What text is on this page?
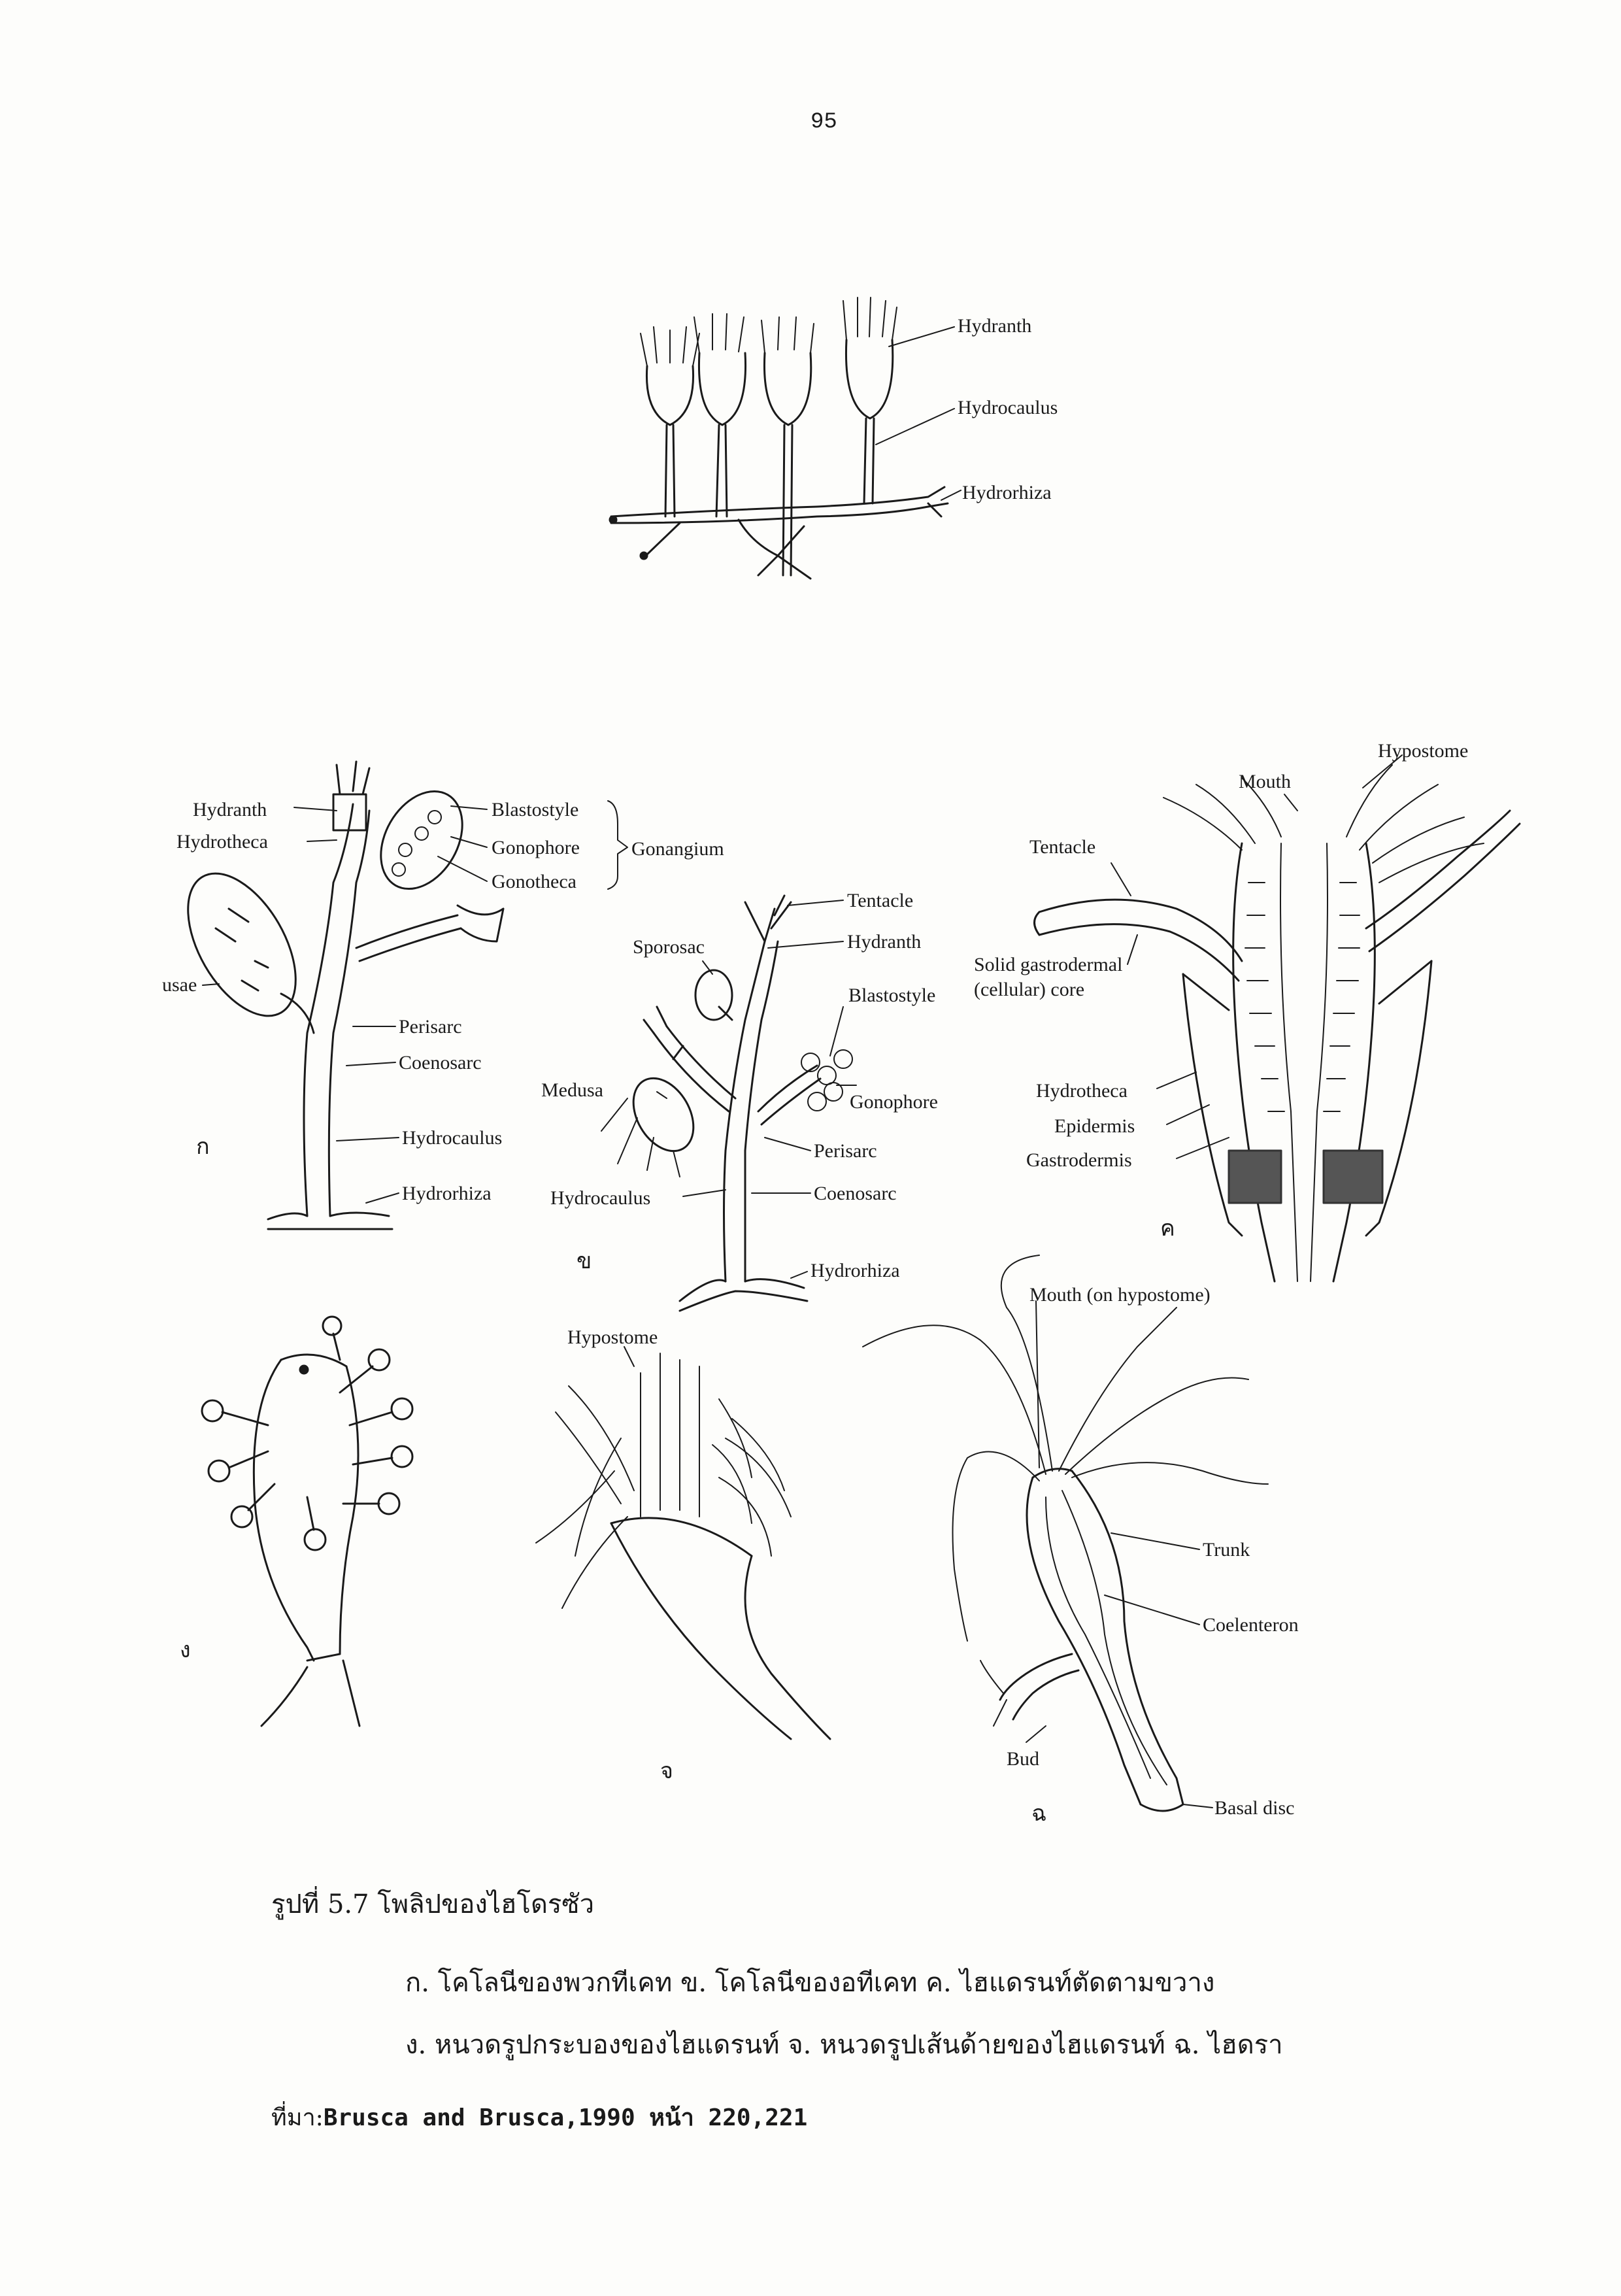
95
Hydranth
Hydrocaulus
Hydrorhiza
Hydranth
Hydrotheca
Blastostyle
Gonophore
Gonotheca
Gonangium
usae
Perisarc
Coenosarc
Hydrocaulus
Hydrorhiza
ก
Tentacle
Hydranth
Sporosac
Blastostyle
Medusa
Gonophore
Perisarc
Hydrocaulus	Coenosarc
Hydrorhiza
ข
Hypostome
Mouth
Tentacle
Solid gastrodermal
(cellular) core
Hydrotheca
Epidermis
Gastrodermis
ค
ง
Hypostome
จ
Mouth (on hypostome)
Trunk
Coelenteron
Bud
Basal disc
ฉ
รูปที่ 5.7 โพลิปของไฮโดรซัว
ก. โคโลนีของพวกทีเคท ข. โคโลนีของอทีเคท ค. ไฮแดรนท์ตัดตามขวาง
ง. หนวดรูปกระบองของไฮแดรนท์ จ. หนวดรูปเส้นด้ายของไฮแดรนท์ ฉ. ไฮดรา
ที่มา:Brusca and Brusca,1990 หน้า 220,221
